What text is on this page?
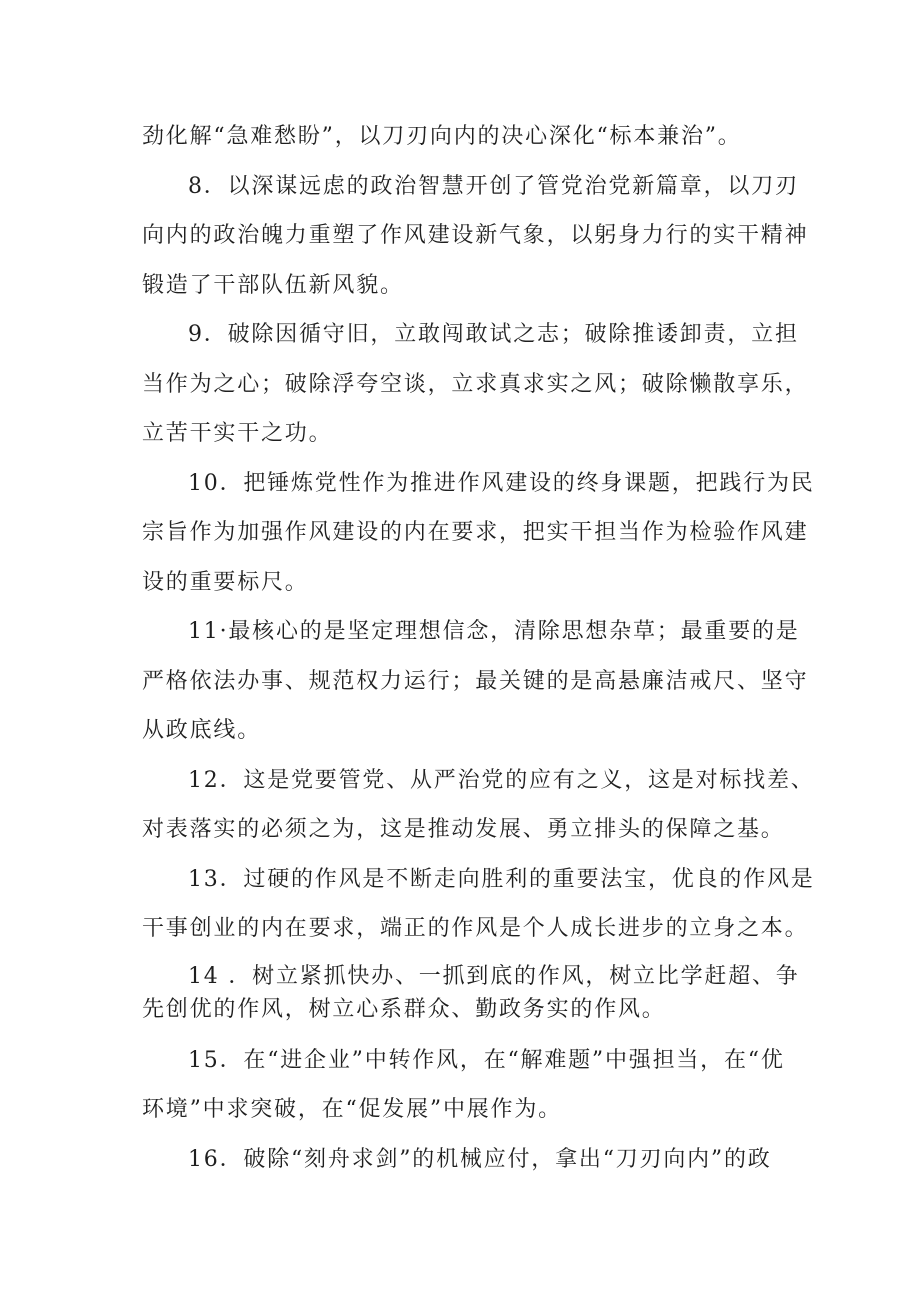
劲化解“急难愁盼”，以刀刃向内的决心深化“标本兼治”。
8．以深谋远虑的政治智慧开创了管党治党新篇章，以刀刃
向内的政治魄力重塑了作风建设新气象，以躬身力行的实干精神
锻造了干部队伍新风貌。
9．破除因循守旧，立敢闯敢试之志；破除推诿卸责，立担
当作为之心；破除浮夸空谈，立求真求实之风；破除懒散享乐，
立苦干实干之功。
10．把锤炼党性作为推进作风建设的终身课题，把践行为民
宗旨作为加强作风建设的内在要求，把实干担当作为检验作风建
设的重要标尺。
11·最核心的是坚定理想信念，清除思想杂草；最重要的是
严格依法办事、规范权力运行；最关键的是高悬廉洁戒尺、坚守
从政底线。
12．这是党要管党、从严治党的应有之义，这是对标找差、
对表落实的必须之为，这是推动发展、勇立排头的保障之基。
13．过硬的作风是不断走向胜利的重要法宝，优良的作风是
干事创业的内在要求，端正的作风是个人成长进步的立身之本。
14 ．树立紧抓快办、一抓到底的作风，树立比学赶超、争
先创优的作风，树立心系群众、勤政务实的作风。
15．在“进企业”中转作风，在“解难题”中强担当，在“优
环境”中求突破，在“促发展”中展作为。
16．破除“刻舟求剑”的机械应付，拿出“刀刃向内”的政
